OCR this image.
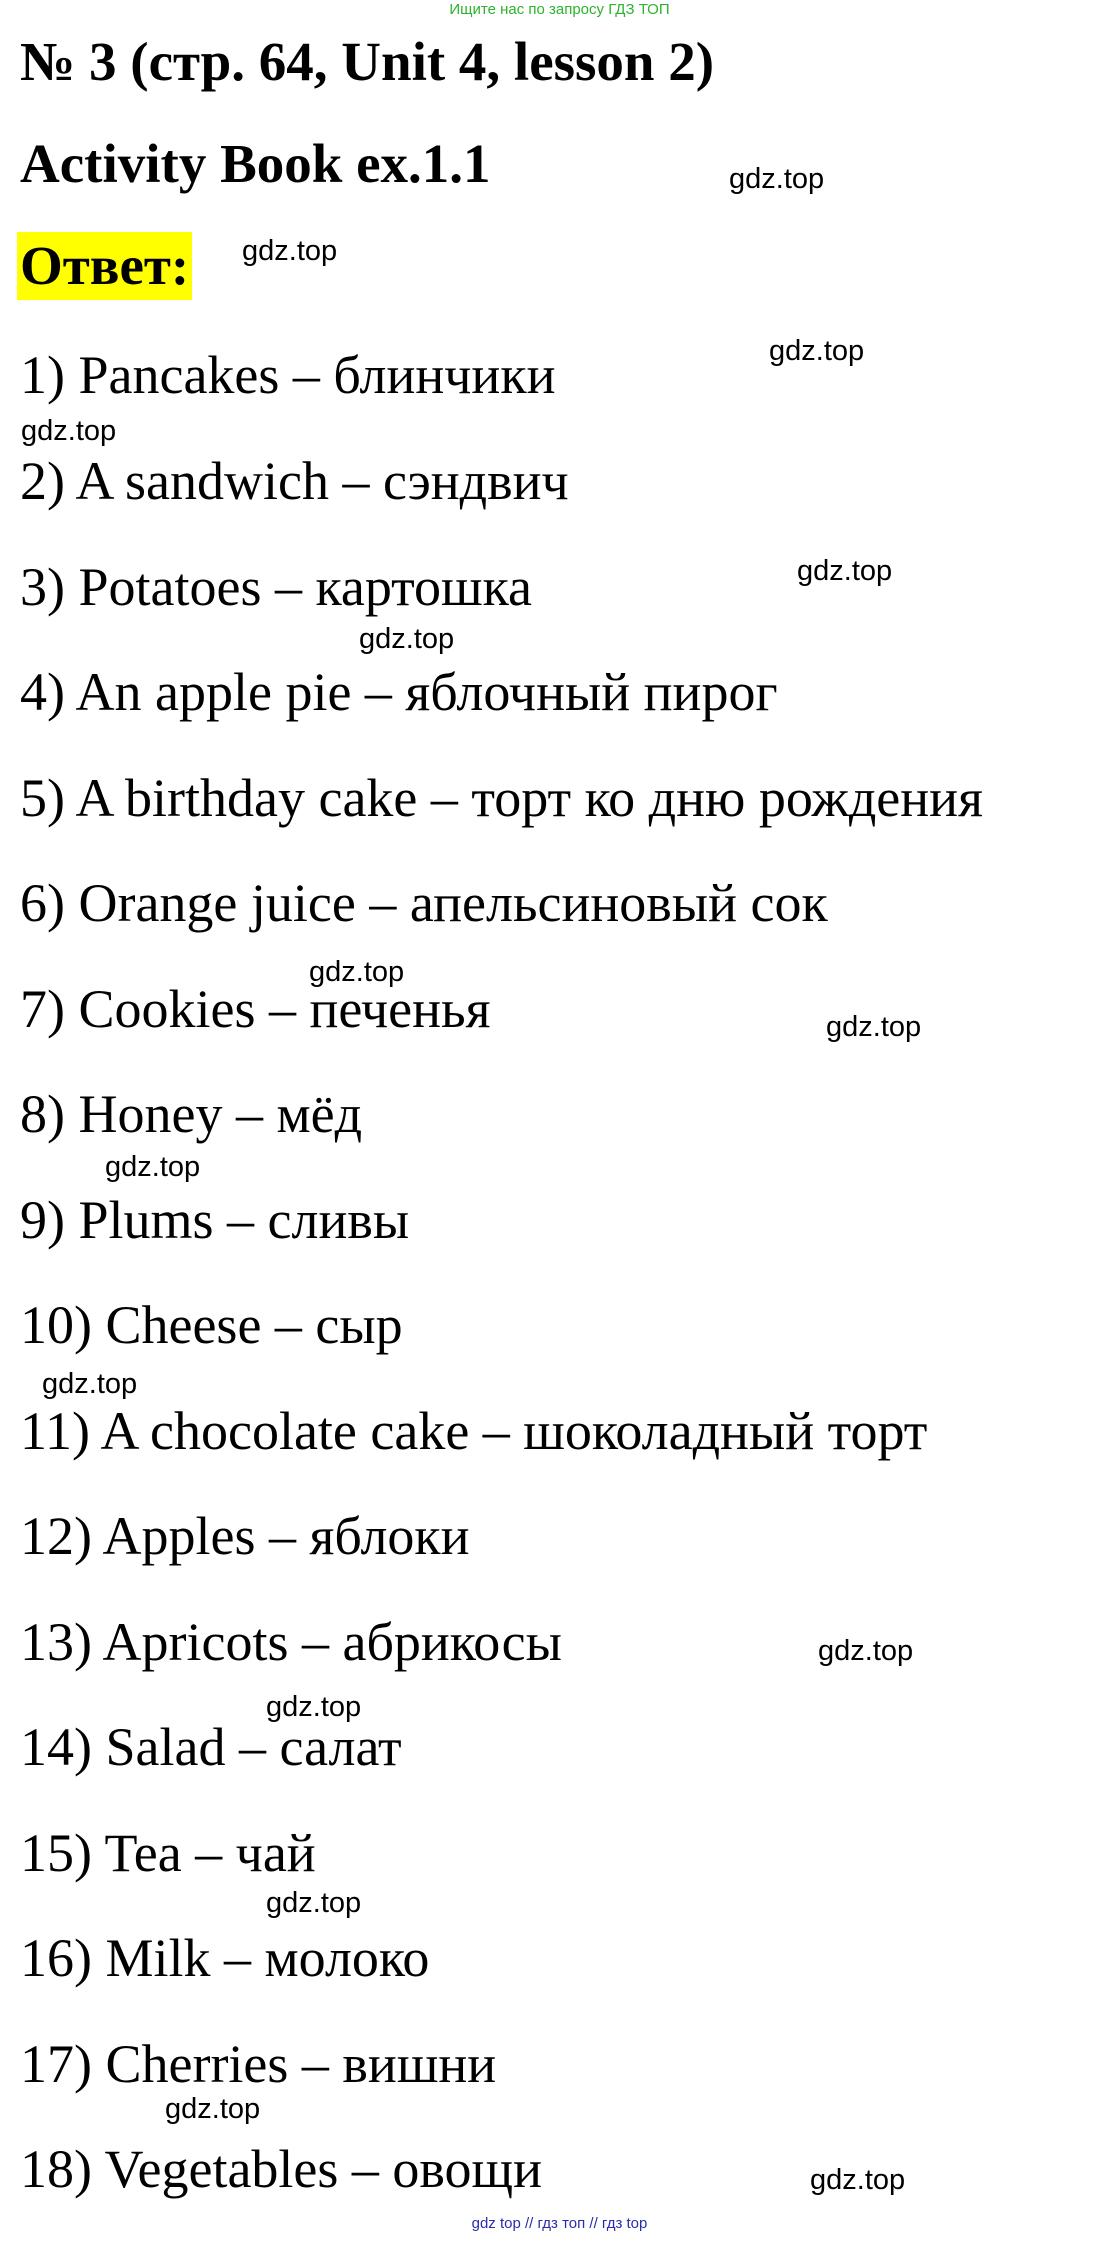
Ищите нас по запросу ГДЗ ТОП
№ 3 (стр. 64, Unit 4, lesson 2)
Activity Book ex.1.1
Ответ:
1) Pancakes – блинчики
2) A sandwich – сэндвич
3) Potatoes – картошка
4) An apple pie – яблочный пирог
5) A birthday cake – торт ко дню рождения
6) Orange juice – апельсиновый сок
7) Cookies – печенья
8) Honey – мёд
9) Plums – сливы
10) Cheese – сыр
11) A chocolate cake – шоколадный торт
12) Apples – яблоки
13) Apricots – абрикосы
14) Salad – салат
15) Tea – чай
16) Milk – молоко
17) Cherries – вишни
18) Vegetables – овощи
gdz.top
gdz.top
gdz.top
gdz.top
gdz.top
gdz.top
gdz.top
gdz.top
gdz.top
gdz.top
gdz.top
gdz.top
gdz.top
gdz.top
gdz.top
gdz top // гдз топ // гдз top
